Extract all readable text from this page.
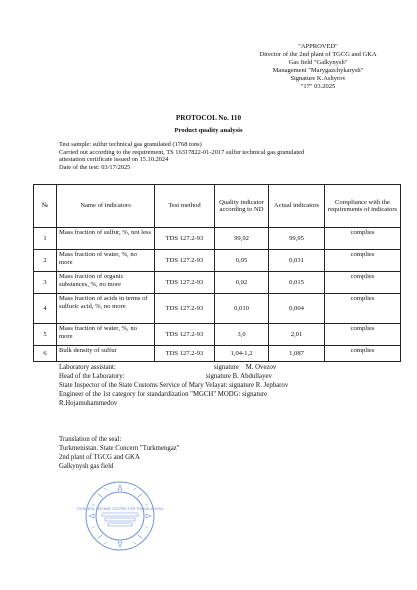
"APPROVED"
Director of the 2nd plant of TGCG and GKA
Gas field "Galkynysh"
Management "Marygazchykarysh"
Signature K.Ashyrov
"17" 03.2025
PROTOCOL No. 110
Product quality analysis
Test sample: sulfur technical gas granulated (1768 tons)
Carried out according to the requirement, TS 16317822-01-2017 sulfur technical gas granulated
attestation certificate issued on 15.10.2024
Date of the test: 03/17/2025
№	Name of indicators	Test method	Quality indicator according to ND	Actual indicators	Compliance with the requirements of indicators
1	Mass fraction of sulfur, %, not less	TDS 127.2-93	99,92	99,95	complies
2	Mass fraction of water, %, no more	TDS 127.2-93	0,05	0,031	complies
3	Mass fraction of organic substances, %, no more	TDS 127.2-93	0,02	0,015	complies
4	Mass fraction of acids in terms of sulfuric acid, %, no more	TDS 127.2-93	0,010	0,004	complies
5	Mass fraction of water, %, no more	TDS 127.2-93	3,0	2,01	complies
6	Bulk density of sulfur	TDS 127.2-93	1,04-1,2	1,087	complies
Laboratory assistant:	signature    M. Ovezov
Head of the Laboratory:	signature B. Abdullayev
State Inspector of the State Customs Service of Mary Velayat: signature R. Jepbarov
Engineer of the 1st category for standardization "MGCH" MODG: signature
R.Hojamuhammedov
Translation of the seal:
Turkmenistan. State Concern "Turkmengaz"
2nd plant of TGCG and GKA
Galkynysh gas field
TURKMEN-TERJIME CENTRE FOR TRANSLATIONS
